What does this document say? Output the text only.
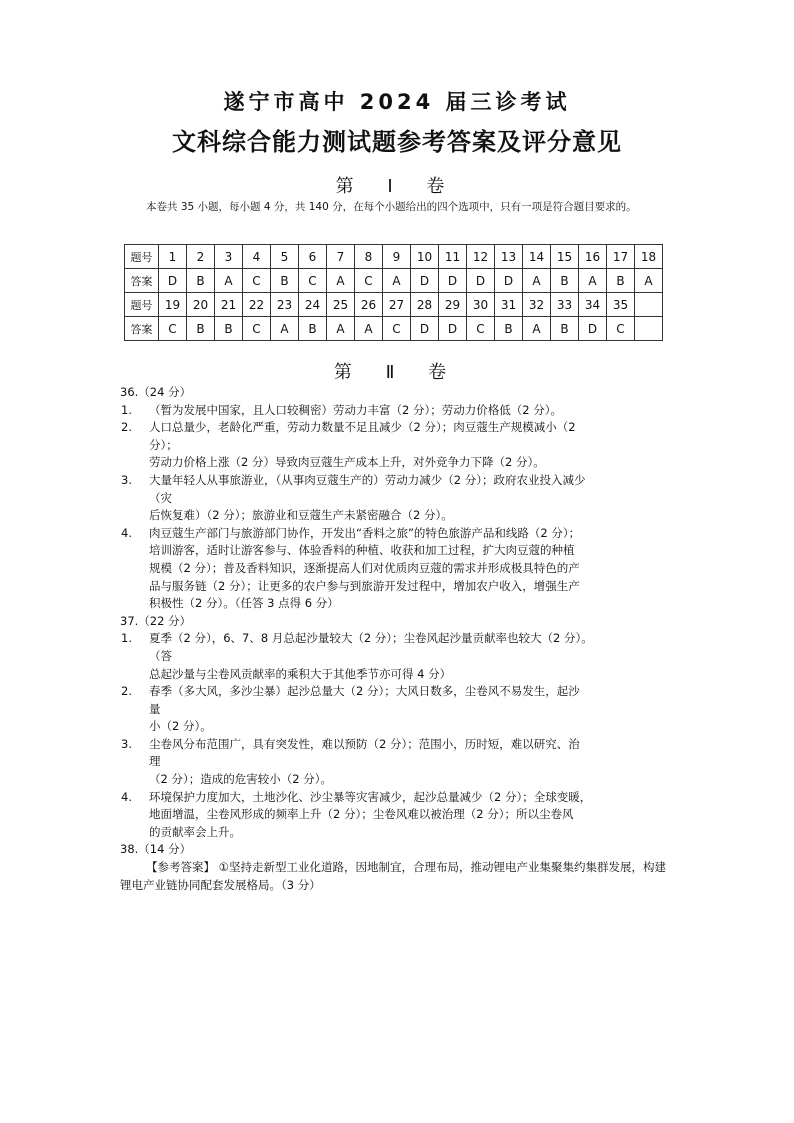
遂宁市高中 2024 届三诊考试
文科综合能力测试题参考答案及评分意见
第 Ⅰ 卷
本卷共 35 小题，每小题 4 分，共 140 分，在每个小题给出的四个选项中，只有一项是符合题目要求的。
题号	1	2	3	4	5	6	7	8	9	10	11	12	13	14	15	16	17	18
答案	D	B	A	C	B	C	A	C	A	D	D	D	D	A	B	A	B	A
题号	19	20	21	22	23	24	25	26	27	28	29	30	31	32	33	34	35	
答案	C	B	B	C	A	B	A	A	C	D	D	C	B	A	B	D	C	
第 Ⅱ 卷

36.（24 分）

1. （暂为发展中国家，且人口较稠密）劳动力丰富（2 分）；劳动力价格低（2 分）。

2. 人口总量少，老龄化严重，劳动力数量不足且减少（2 分）；肉豆蔻生产规模减小（2

分）；

劳动力价格上涨（2 分）导致肉豆蔻生产成本上升，对外竞争力下降（2 分）。

3. 大量年轻人从事旅游业，（从事肉豆蔻生产的）劳动力减少（2 分）；政府农业投入减少

（灾

后恢复难）（2 分）；旅游业和豆蔻生产未紧密融合（2 分）。

4. 肉豆蔻生产部门与旅游部门协作，开发出“香料之旅”的特色旅游产品和线路（2 分）；

培训游客，适时让游客参与、体验香料的种植、收获和加工过程，扩大肉豆蔻的种植

规模（2 分）；普及香料知识，逐渐提高人们对优质肉豆蔻的需求并形成极具特色的产

品与服务链（2 分）；让更多的农户参与到旅游开发过程中，增加农户收入，增强生产

积极性（2 分）。（任答 3 点得 6 分）

37.（22 分）

1. 夏季（2 分），6、7、8 月总起沙量较大（2 分）；尘卷风起沙量贡献率也较大（2 分）。

（答

总起沙量与尘卷风贡献率的乘积大于其他季节亦可得 4 分）

2. 春季（多大风，多沙尘暴）起沙总量大（2 分）；大风日数多，尘卷风不易发生，起沙

量

小（2 分）。

3. 尘卷风分布范围广，具有突发性，难以预防（2 分）；范围小，历时短，难以研究、治

理

（2 分）；造成的危害较小（2 分）。

4. 环境保护力度加大，土地沙化、沙尘暴等灾害减少，起沙总量减少（2 分）；全球变暖，

地面增温，尘卷风形成的频率上升（2 分）；尘卷风难以被治理（2 分）；所以尘卷风

的贡献率会上升。

38.（14 分）

【参考答案】 ①坚持走新型工业化道路，因地制宜，合理布局，推动锂电产业集聚集约集群发展，构建锂电产业链协同配套发展格局。（3 分）
